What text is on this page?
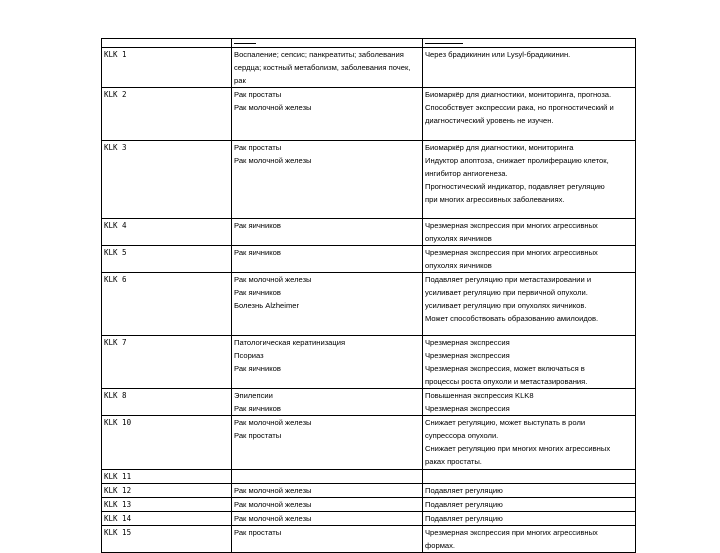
KLK 1	Воспаление; сепсис; панкреатиты; заболевания сердца; костный метаболизм, заболевания почек, рак	Через брадикинин или Lysyl-брадикинин.

KLK 2	Рак простаты
Рак молочной железы	Биомаркёр для диагностики, мониторинга, прогноза.
Способствует экспрессии рака, но прогностический и
диагностический уровень не изучен.

KLK 3	Рак простаты
Рак молочной железы	Биомаркёр для диагностики, мониторинга
Индуктор апоптоза, снижает пролиферацию клеток,
ингибитор ангиогенеза.
Прогностический индикатор, подавляет регуляцию
при многих агрессивных заболеваниях.

KLK 4	Рак яичников	Чрезмерная экспрессия при многих агрессивных
опухолях яичников

KLK 5	Рак яичников	Чрезмерная экспрессия при многих агрессивных
опухолях яичников

KLK 6	Рак молочной железы
Рак яичников
Болезнь Alzheimer	Подавляет регуляцию при метастазировании и
усиливает регуляцию при первичной опухоли.
усиливает регуляцию при опухолях яичников.
Может способствовать образованию амилоидов.

KLK 7	Патологическая кератинизация
Псориаз
Рак яичников	Чрезмерная экспрессия
Чрезмерная экспрессия
Чрезмерная экспрессия, может включаться в
процессы роста опухоли и метастазирования.

KLK 8	Эпилепсии
Рак яичников	Повышенная экспрессия KLK8
Чрезмерная экспрессия

KLK 10	Рак молочной железы
Рак простаты	Снижает регуляцию, может выступать в роли
супрессора опухоли.
Снижает регуляцию при многих многих агрессивных
раках простаты.

KLK 11	

KLK 12	Рак молочной железы	Подавляет регуляцию

KLK 13	Рак молочной железы	Подавляет регуляцию

KLK 14	Рак молочной железы	Подавляет регуляцию

KLK 15	Рак простаты	Чрезмерная экспрессия при многих агрессивных
формах.
